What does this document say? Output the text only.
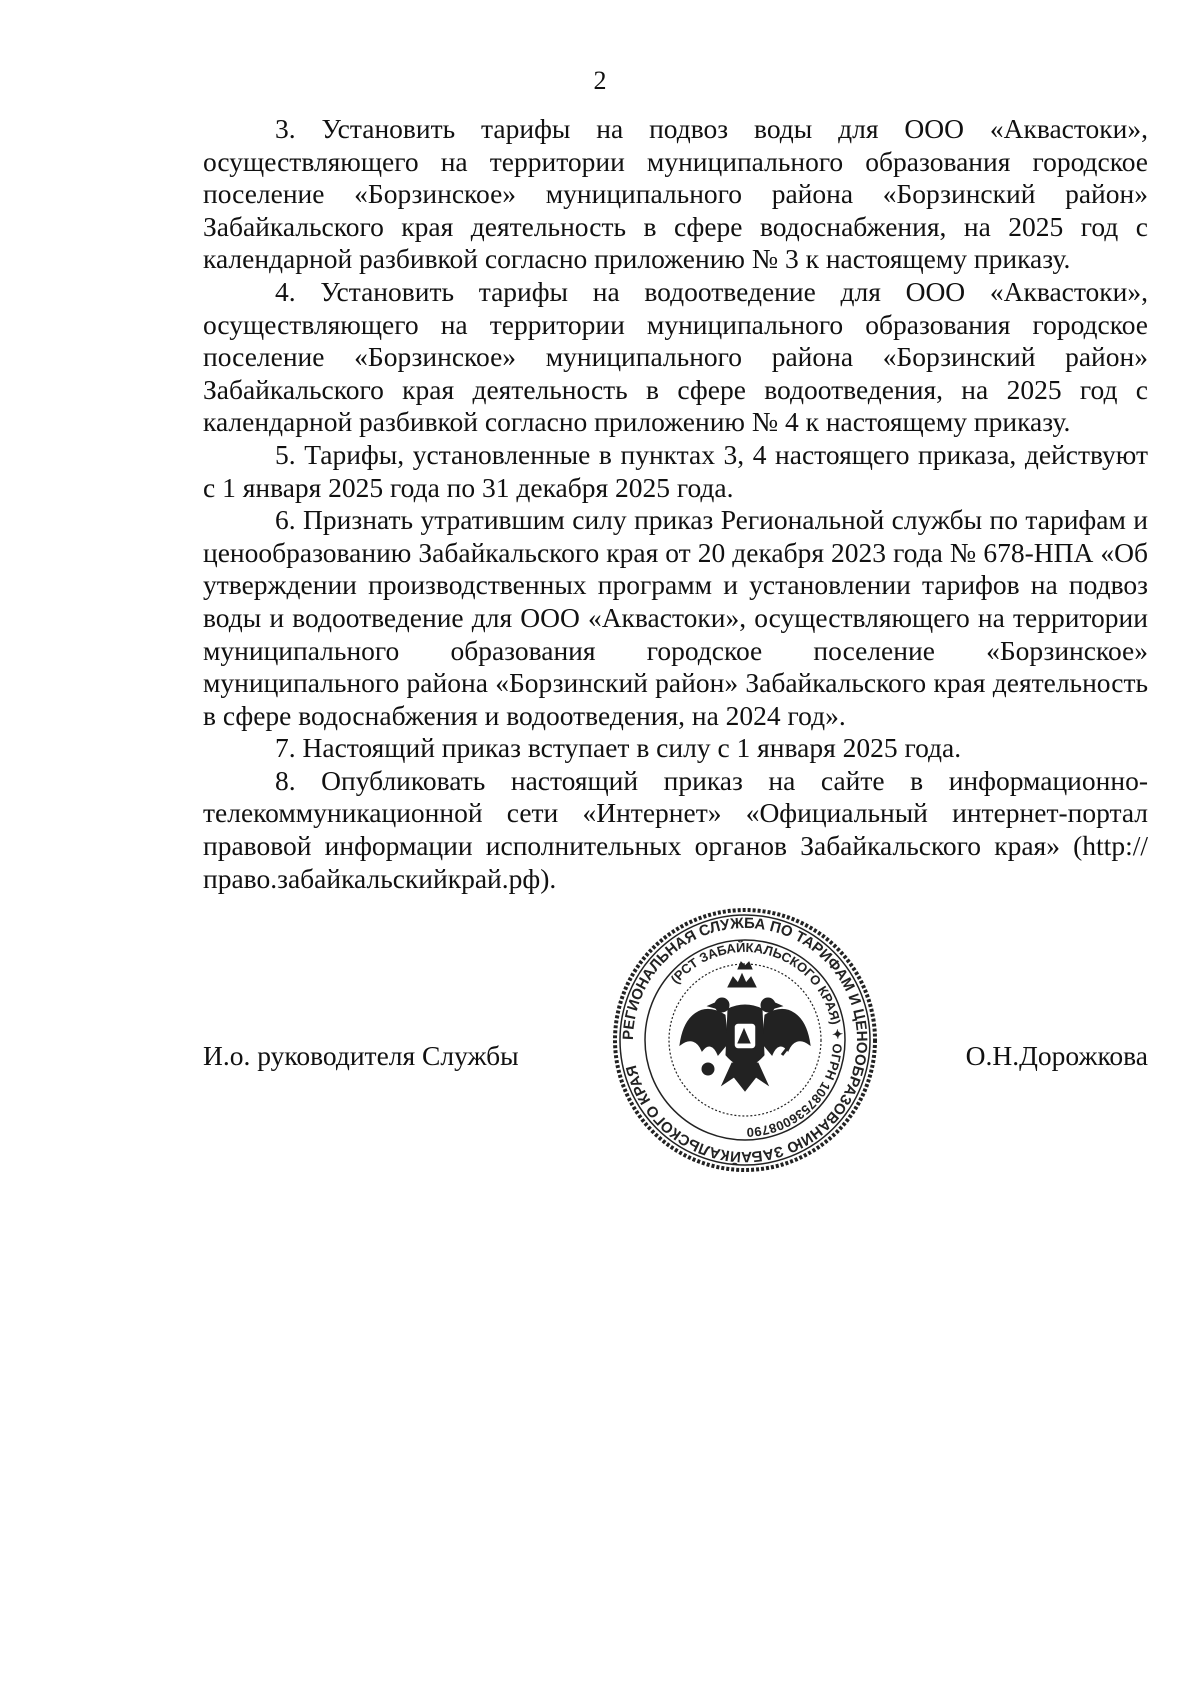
2

3. Установить тарифы на подвоз воды для ООО «Аквастоки», осуществляющего на территории муниципального образования городское поселение «Борзинское» муниципального района «Борзинский район» Забайкальского края деятельность в сфере водоснабжения, на 2025 год с календарной разбивкой согласно приложению № 3 к настоящему приказу.

4. Установить тарифы на водоотведение для ООО «Аквастоки», осуществляющего на территории муниципального образования городское поселение «Борзинское» муниципального района «Борзинский район» Забайкальского края деятельность в сфере водоотведения, на 2025 год с календарной разбивкой согласно приложению № 4 к настоящему приказу.

5. Тарифы, установленные в пунктах 3, 4 настоящего приказа, действуют с 1 января 2025 года по 31 декабря 2025 года.

6. Признать утратившим силу приказ Региональной службы по тарифам и ценообразованию Забайкальского края от 20 декабря 2023 года № 678-НПА «Об утверждении производственных программ и установлении тарифов на подвоз воды и водоотведение для ООО «Аквастоки», осуществляющего на территории муниципального образования городское поселение «Борзинское» муниципального района «Борзинский район» Забайкальского края деятельность в сфере водоснабжения и водоотведения, на 2024 год».

7. Настоящий приказ вступает в силу с 1 января 2025 года.

8. Опубликовать настоящий приказ на сайте в информационно-телекоммуникационной сети «Интернет» «Официальный интернет-портал правовой информации исполнительных органов Забайкальского края» (http://право.забайкальскийкрай.рф).

И.о. руководителя Службы	О.Н.Дорожкова
РЕГИОНАЛЬНАЯ СЛУЖБА ПО ТАРИФАМ И ЦЕНООБРАЗОВАНИЮ ЗАБАЙКАЛЬСКОГО КРАЯ
(РСТ ЗАБАЙКАЛЬСКОГО КРАЯ) ✦ ОГРН 1087536008790
